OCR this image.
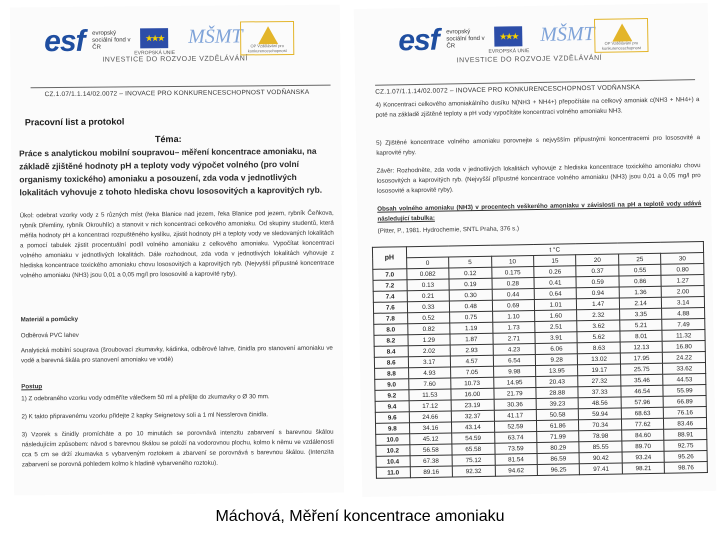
esf evropský sociální fond v ČR
★★★
EVROPSKÁ UNIE
MŠMT	OP Vzdělávání pro konkurenceschopnost
INVESTICE DO ROZVOJE VZDĚLÁVÁNÍ
CZ.1.07/1.1.14/02.0072 – INOVACE PRO KONKURENCESCHOPNOST VODŇANSKA
Pracovní list a protokol
Téma:
Práce s analytickou mobilní soupravou– měření koncentrace amoniaku, na základě zjištěné hodnoty pH a teploty vody výpočet volného (pro volní organismy toxického) amoniaku a posouzení, zda voda v jednotlivých lokalitách vyhovuje z tohoto hlediska chovu lososovitých a kaprovitých ryb.
Úkol: odebrat vzorky vody z 5 různých míst (řeka Blanice nad jezem, řeka Blanice pod jezem, rybník Čeňkova, rybník Dřemliny, rybník Okrouhlíc) a stanovit v nich koncentraci celkového amoniaku. Od skupiny studentů, která měřila hodnoty pH a koncentraci rozpuštěného kyslíku, zjistit hodnoty pH a teploty vody ve sledovaných lokalitách a pomocí tabulek zjistit procentuální podíl volného amoniaku z celkového amoniaku. Vypočítat koncentraci volného amoniaku v jednotlivých lokalitách. Dále rozhodnout, zda voda v jednotlivých lokalitách vyhovuje z hlediska koncentrace toxického amoniaku chovu lososovitých a kaprovitých ryb. (Nejvyšší přípustné koncentrace volného amoniaku (NH3) jsou 0,01 a 0,05 mg/l pro lososovité a kaprovité ryby).
Materiál a pomůcky
Odběrová PVC lahev
Analytická mobilní souprava (šroubovací zkumavky, kádinka, odběrové lahve, činidla pro stanovení amoniaku ve vodě a barevná škála pro stanovení amoniaku ve vodě)
Postup
1) Z odebraného vzorku vody odměříte válečkem 50 ml a přelijte do zkumavky o Ø 30 mm.
2) K takto připravenému vzorku přidejte 2 kapky Seignetovy soli a 1 ml Nesslerova činidla.
3) Vzorek s činidly promícháte a po 10 minutách se porovnává intenzitu zabarvení s barevnou škálou následujícím způsobem: návod s barevnou škálou se položí na vodorovnou plochu, kolmo k němu ve vzdálenosti cca 5 cm se drží zkumavka s vybarveným roztokem a zbarvení se porovnává s barevnou škálou. (Intenzita zabarvení se porovná pohledem kolmo k hladině vybarveného roztoku).
esf evropský sociální fond v ČR
★★★
EVROPSKÁ UNIE
MŠMT	OP Vzdělávání pro konkurenceschopnost
INVESTICE DO ROZVOJE VZDĚLÁVÁNÍ
CZ.1.07/1.1.14/02.0072 – INOVACE PRO KONKURENCESCHOPNOST VODŇANSKA
4) Koncentraci celkového amoniakálního dusíku N(NH3 + NH4+) přepočítáte na celkový amoniak c(NH3 + NH4+) a poté na základě zjištěné teploty a pH vody vypočítáte koncentraci volného amoniaku NH3.
5) Zjištěné koncentrace volného amoniaku porovnejte s nejvyšším přípustnými koncentracemi pro lososovité a kaprovité ryby.
Závěr: Rozhodněte, zda voda v jednotlivých lokalitách vyhovuje z hlediska koncentrace toxického amoniaku chovu lososovitých a kaprovitých ryb. (Nejvyšší přípustné koncentrace volného amoniaku (NH3) jsou 0,01 a 0,05 mg/l pro lososovité a kaprovité ryby).
Obsah volného amoniaku (NH3) v procentech veškerého amoniaku v závislosti na pH a teplotě vody udává následující tabulka:
(Pitter, P., 1981. Hydrochemie, SNTL Praha, 376 s.)
pH	t °C						
	0	5	10	15	20	25	30
7.0	0.082	0.12	0.175	0.26	0.37	0.55	0.80
7.2	0.13	0.19	0.28	0.41	0.59	0.86	1.27
7.4	0.21	0.30	0.44	0.64	0.94	1.36	2.00
7.6	0.33	0.48	0.69	1.01	1.47	2.14	3.14
7.8	0.52	0.75	1.10	1.60	2.32	3.35	4.88
8.0	0.82	1.19	1.73	2.51	3.62	5.21	7.49
8.2	1.29	1.87	2.71	3.91	5.62	8.01	11.32
8.4	2.02	2.93	4.23	6.06	8.63	12.13	16.80
8.6	3.17	4.57	6.54	9.28	13.02	17.95	24.22
8.8	4.93	7.05	9.98	13.95	19.17	25.75	33.62
9.0	7.60	10.73	14.95	20.43	27.32	35.46	44.53
9.2	11.53	16.00	21.79	28.88	37.33	46.54	55.99
9.4	17.12	23.19	30.36	39.23	48.56	57.96	66.89
9.6	24.66	32.37	41.17	50.58	59.94	68.63	76.16
9.8	34.16	43.14	52.59	61.86	70.34	77.62	83.46
10.0	45.12	54.59	63.74	71.99	78.98	84.60	88.91
10.2	56.58	65.58	73.59	80.29	85.55	89.70	92.75
10.4	67.38	75.12	81.54	86.59	90.42	93.24	95.26
11.0	89.16	92.32	94.62	96.25	97.41	98.21	98.76
Máchová, Měření koncentrace amoniaku
